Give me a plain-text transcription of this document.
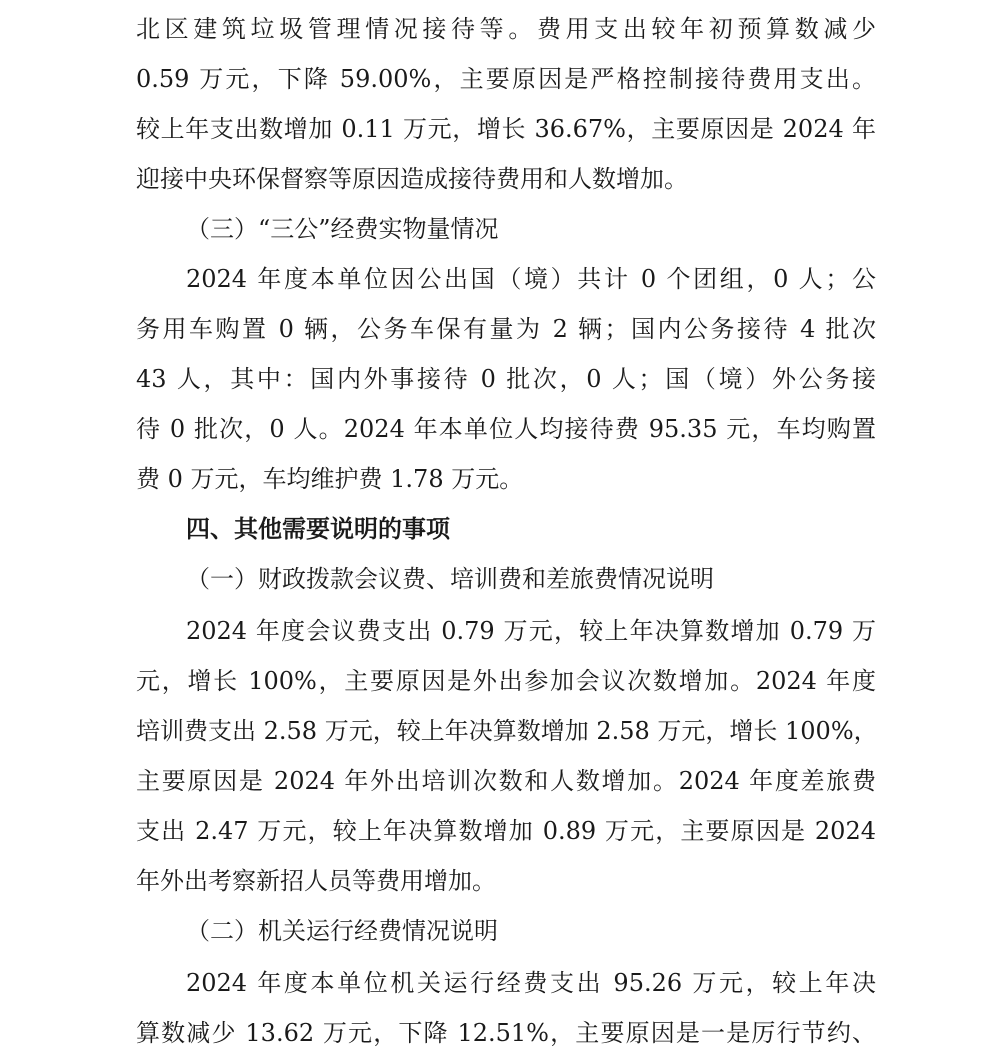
北区建筑垃圾管理情况接待等。费用支出较年初预算数减少
0.59 万元，下降 59.00%，主要原因是严格控制接待费用支出。
较上年支出数增加 0.11 万元，增长 36.67%，主要原因是 2024 年
迎接中央环保督察等原因造成接待费用和人数增加。
（三）“三公”经费实物量情况
2024 年度本单位因公出国（境）共计 0 个团组，0 人；公
务用车购置 0 辆，公务车保有量为 2 辆；国内公务接待 4 批次
43 人，其中：国内外事接待 0 批次，0 人；国（境）外公务接
待 0 批次，0 人。2024 年本单位人均接待费 95.35 元，车均购置
费 0 万元，车均维护费 1.78 万元。
四、其他需要说明的事项
（一）财政拨款会议费、培训费和差旅费情况说明
2024 年度会议费支出 0.79 万元，较上年决算数增加 0.79 万
元，增长 100%，主要原因是外出参加会议次数增加。2024 年度
培训费支出 2.58 万元，较上年决算数增加 2.58 万元，增长 100%，
主要原因是 2024 年外出培训次数和人数增加。2024 年度差旅费
支出 2.47 万元，较上年决算数增加 0.89 万元，主要原因是 2024
年外出考察新招人员等费用增加。
（二）机关运行经费情况说明
2024 年度本单位机关运行经费支出 95.26 万元，较上年决
算数减少 13.62 万元，下降 12.51%，主要原因是一是厉行节约、
